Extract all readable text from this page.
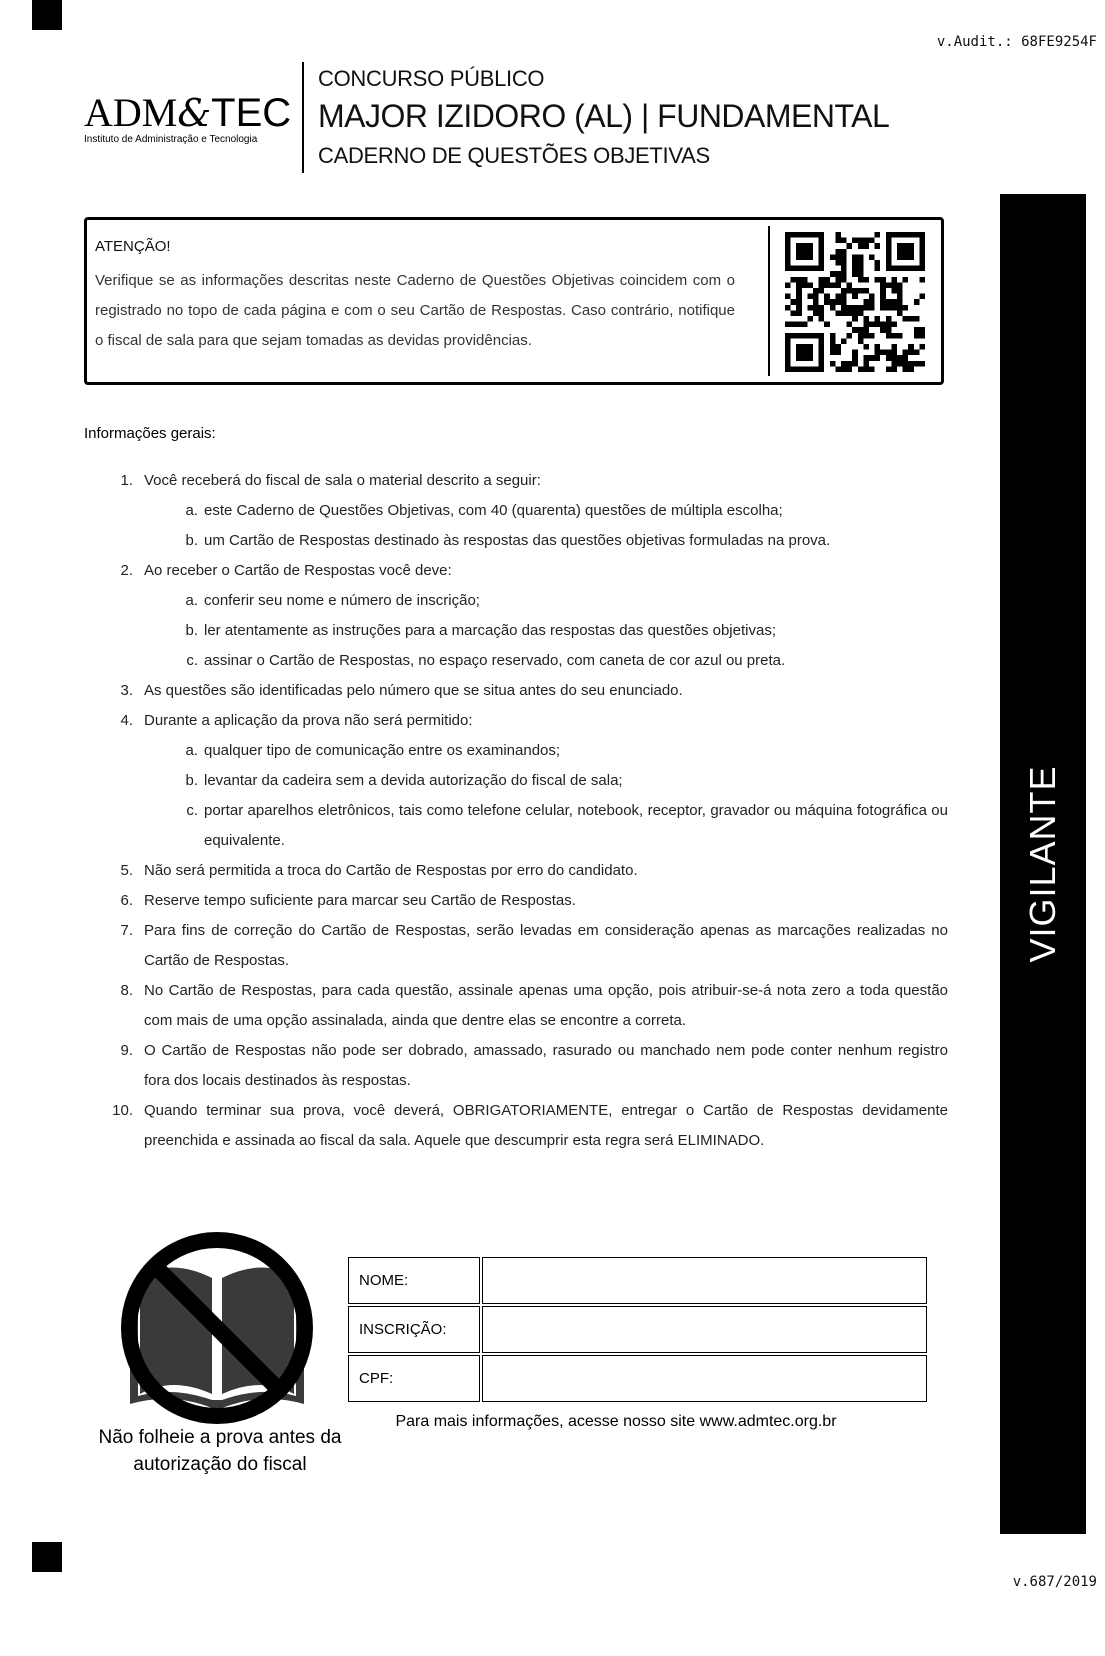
v.Audit.: 68FE9254F
v.687/2019
ADM&TEC
Instituto de Administração e Tecnologia
CONCURSO PÚBLICO
MAJOR IZIDORO (AL) | FUNDAMENTAL
CADERNO DE QUESTÕES OBJETIVAS
ATENÇÃO!
Verifique se as informações descritas neste Caderno de Questões Objetivas coincidem com o registrado no topo de cada página e com o seu Cartão de Respostas. Caso contrário, notifique o fiscal de sala para que sejam tomadas as devidas providências.
Informações gerais:
1. Você receberá do fiscal de sala o material descrito a seguir:
a. este Caderno de Questões Objetivas, com 40 (quarenta) questões de múltipla escolha;
b. um Cartão de Respostas destinado às respostas das questões objetivas formuladas na prova.
2. Ao receber o Cartão de Respostas você deve:
a. conferir seu nome e número de inscrição;
b. ler atentamente as instruções para a marcação das respostas das questões objetivas;
c. assinar o Cartão de Respostas, no espaço reservado, com caneta de cor azul ou preta.
3. As questões são identificadas pelo número que se situa antes do seu enunciado.
4. Durante a aplicação da prova não será permitido:
a. qualquer tipo de comunicação entre os examinandos;
b. levantar da cadeira sem a devida autorização do fiscal de sala;
c. portar aparelhos eletrônicos, tais como telefone celular, notebook, receptor, gravador ou máquina fotográfica ou equivalente.
5. Não será permitida a troca do Cartão de Respostas por erro do candidato.
6. Reserve tempo suficiente para marcar seu Cartão de Respostas.
7. Para fins de correção do Cartão de Respostas, serão levadas em consideração apenas as marcações realizadas no Cartão de Respostas.
8. No Cartão de Respostas, para cada questão, assinale apenas uma opção, pois atribuir-se-á nota zero a toda questão com mais de uma opção assinalada, ainda que dentre elas se encontre a correta.
9. O Cartão de Respostas não pode ser dobrado, amassado, rasurado ou manchado nem pode conter nenhum registro fora dos locais destinados às respostas.
10. Quando terminar sua prova, você deverá, OBRIGATORIAMENTE, entregar o Cartão de Respostas devidamente preenchida e assinada ao fiscal da sala. Aquele que descumprir esta regra será ELIMINADO.
VIGILANTE
Não folheie a prova antes da
autorização do fiscal
NOME:	
INSCRIÇÃO:	
CPF:	
Para mais informações, acesse nosso site www.admtec.org.br
